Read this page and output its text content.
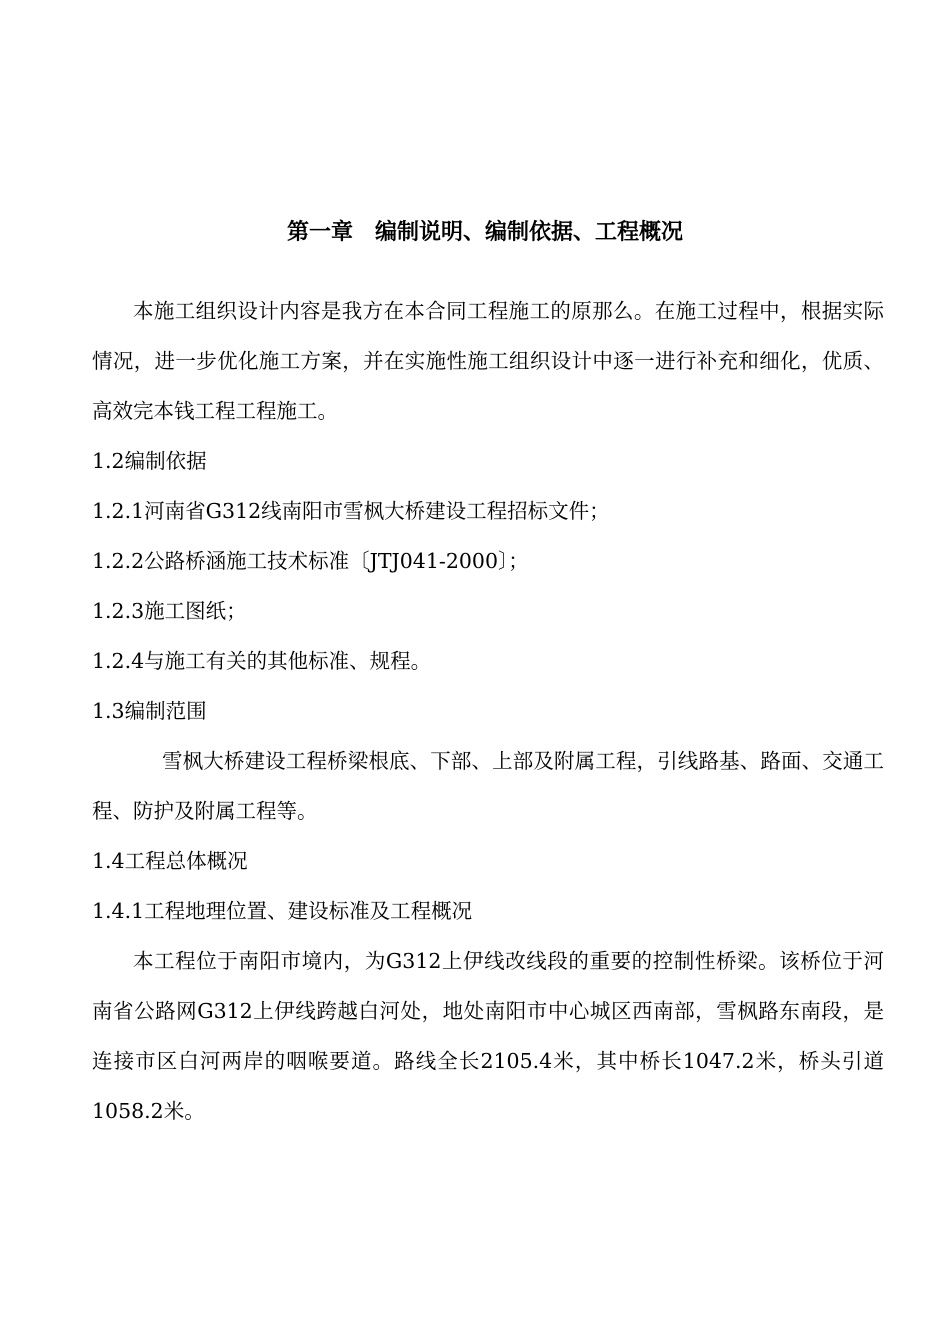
第一章　编制说明、编制依据、工程概况

本施工组织设计内容是我方在本合同工程施工的原那么。在施工过程中，根据实际情况，进一步优化施工方案，并在实施性施工组织设计中逐一进行补充和细化，优质、高效完本钱工程工程施工。

1.2编制依据

1.2.1河南省G312线南阳市雪枫大桥建设工程招标文件；

1.2.2公路桥涵施工技术标准〔JTJ041-2000〕；

1.2.3施工图纸；

1.2.4与施工有关的其他标准、规程。

1.3编制范围

雪枫大桥建设工程桥梁根底、下部、上部及附属工程，引线路基、路面、交通工程、防护及附属工程等。

1.4工程总体概况

1.4.1工程地理位置、建设标准及工程概况

本工程位于南阳市境内，为G312上伊线改线段的重要的控制性桥梁。该桥位于河南省公路网G312上伊线跨越白河处，地处南阳市中心城区西南部，雪枫路东南段，是连接市区白河两岸的咽喉要道。路线全长2105.4米，其中桥长1047.2米，桥头引道1058.2米。
